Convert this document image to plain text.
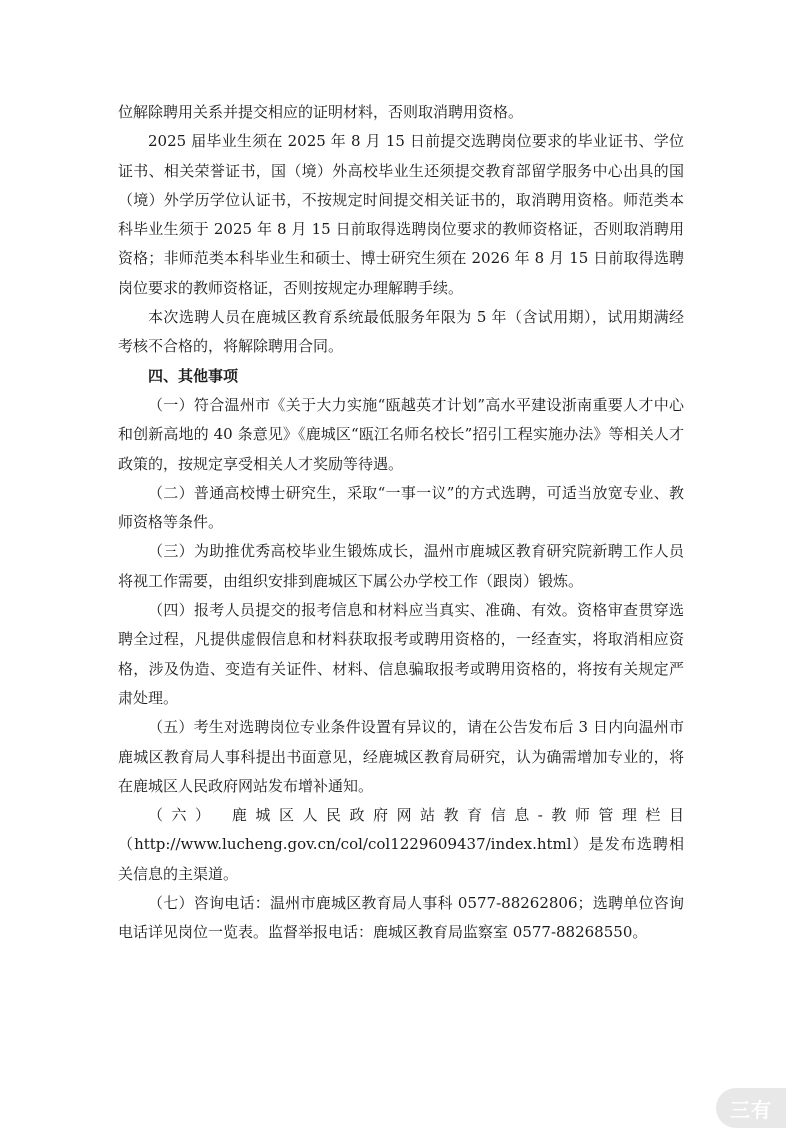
位解除聘用关系并提交相应的证明材料，否则取消聘用资格。

2025 届毕业生须在 2025 年 8 月 15 日前提交选聘岗位要求的毕业证书、学位证书、相关荣誉证书，国（境）外高校毕业生还须提交教育部留学服务中心出具的国（境）外学历学位认证书，不按规定时间提交相关证书的，取消聘用资格。师范类本科毕业生须于 2025 年 8 月 15 日前取得选聘岗位要求的教师资格证，否则取消聘用资格；非师范类本科毕业生和硕士、博士研究生须在 2026 年 8 月 15 日前取得选聘岗位要求的教师资格证，否则按规定办理解聘手续。

本次选聘人员在鹿城区教育系统最低服务年限为 5 年（含试用期），试用期满经考核不合格的，将解除聘用合同。

四、其他事项

（一）符合温州市《关于大力实施“瓯越英才计划”高水平建设浙南重要人才中心和创新高地的 40 条意见》《鹿城区“瓯江名师名校长”招引工程实施办法》等相关人才政策的，按规定享受相关人才奖励等待遇。

（二）普通高校博士研究生，采取“一事一议”的方式选聘，可适当放宽专业、教师资格等条件。

（三）为助推优秀高校毕业生锻炼成长，温州市鹿城区教育研究院新聘工作人员将视工作需要，由组织安排到鹿城区下属公办学校工作（跟岗）锻炼。

（四）报考人员提交的报考信息和材料应当真实、准确、有效。资格审查贯穿选聘全过程，凡提供虚假信息和材料获取报考或聘用资格的，一经查实，将取消相应资格，涉及伪造、变造有关证件、材料、信息骗取报考或聘用资格的，将按有关规定严肃处理。

（五）考生对选聘岗位专业条件设置有异议的，请在公告发布后 3 日内向温州市鹿城区教育局人事科提出书面意见，经鹿城区教育局研究，认为确需增加专业的，将在鹿城区人民政府网站发布增补通知。

（六） 鹿城区人民政府网站教育信息-教师管理栏目

（http://www.lucheng.gov.cn/col/col1229609437/index.html）是发布选聘相关信息的主渠道。

（七）咨询电话：温州市鹿城区教育局人事科 0577-88262806；选聘单位咨询电话详见岗位一览表。监督举报电话：鹿城区教育局监察室 0577-88268550。

三有
